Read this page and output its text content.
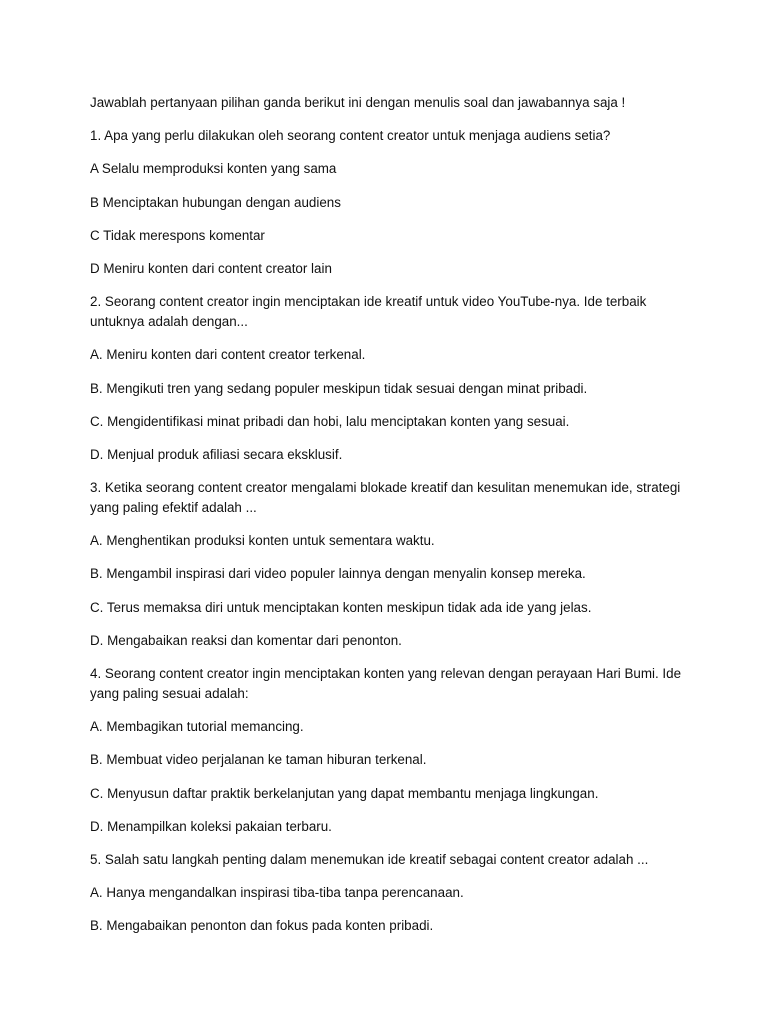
Jawablah pertanyaan pilihan ganda berikut ini dengan menulis soal dan jawabannya saja !

1. Apa yang perlu dilakukan oleh seorang content creator untuk menjaga audiens setia?

A Selalu memproduksi konten yang sama

B Menciptakan hubungan dengan audiens

C Tidak merespons komentar

D Meniru konten dari content creator lain

2. Seorang content creator ingin menciptakan ide kreatif untuk video YouTube-nya. Ide terbaik untuknya adalah dengan...

A. Meniru konten dari content creator terkenal.

B. Mengikuti tren yang sedang populer meskipun tidak sesuai dengan minat pribadi.

C. Mengidentifikasi minat pribadi dan hobi, lalu menciptakan konten yang sesuai.

D. Menjual produk afiliasi secara eksklusif.

3. Ketika seorang content creator mengalami blokade kreatif dan kesulitan menemukan ide, strategi yang paling efektif adalah ...

A. Menghentikan produksi konten untuk sementara waktu.

B. Mengambil inspirasi dari video populer lainnya dengan menyalin konsep mereka.

C. Terus memaksa diri untuk menciptakan konten meskipun tidak ada ide yang jelas.

D. Mengabaikan reaksi dan komentar dari penonton.

4. Seorang content creator ingin menciptakan konten yang relevan dengan perayaan Hari Bumi. Ide yang paling sesuai adalah:

A. Membagikan tutorial memancing.

B. Membuat video perjalanan ke taman hiburan terkenal.

C. Menyusun daftar praktik berkelanjutan yang dapat membantu menjaga lingkungan.

D. Menampilkan koleksi pakaian terbaru.

5. Salah satu langkah penting dalam menemukan ide kreatif sebagai content creator adalah ...

A. Hanya mengandalkan inspirasi tiba-tiba tanpa perencanaan.

B. Mengabaikan penonton dan fokus pada konten pribadi.
